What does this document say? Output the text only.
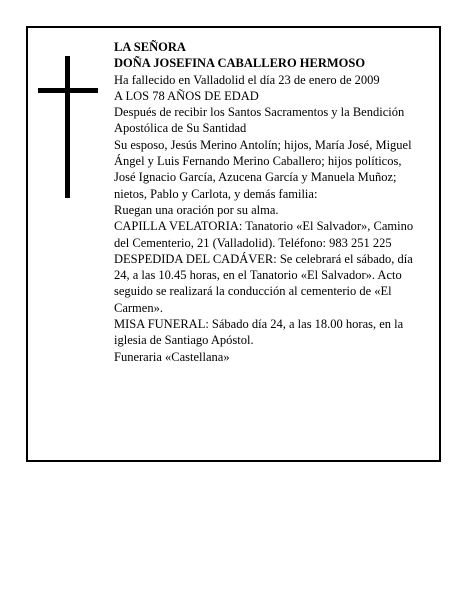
LA SEÑORA

DOÑA JOSEFINA CABALLERO HERMOSO

Ha fallecido en Valladolid el día 23 de enero de 2009

A LOS 78 AÑOS DE EDAD

Después de recibir los Santos Sacramentos y la Bendición Apostólica de Su Santidad

Su esposo, Jesús Merino Antolín; hijos, María José, Miguel Ángel y Luis Fernando Merino Caballero; hijos políticos, José Ignacio García, Azucena García y Manuela Muñoz; nietos, Pablo y Carlota, y demás familia:

Ruegan una oración por su alma.

CAPILLA VELATORIA: Tanatorio «El Salvador», Camino del Cementerio, 21 (Valladolid). Teléfono: 983 251 225

DESPEDIDA DEL CADÁVER: Se celebrará el sábado, día 24, a las 10.45 horas, en el Tanatorio «El Salvador». Acto seguido se realizará la conducción al cementerio de «El Carmen».

MISA FUNERAL: Sábado día 24, a las 18.00 horas, en la iglesia de Santiago Apóstol.

Funeraria «Castellana»
